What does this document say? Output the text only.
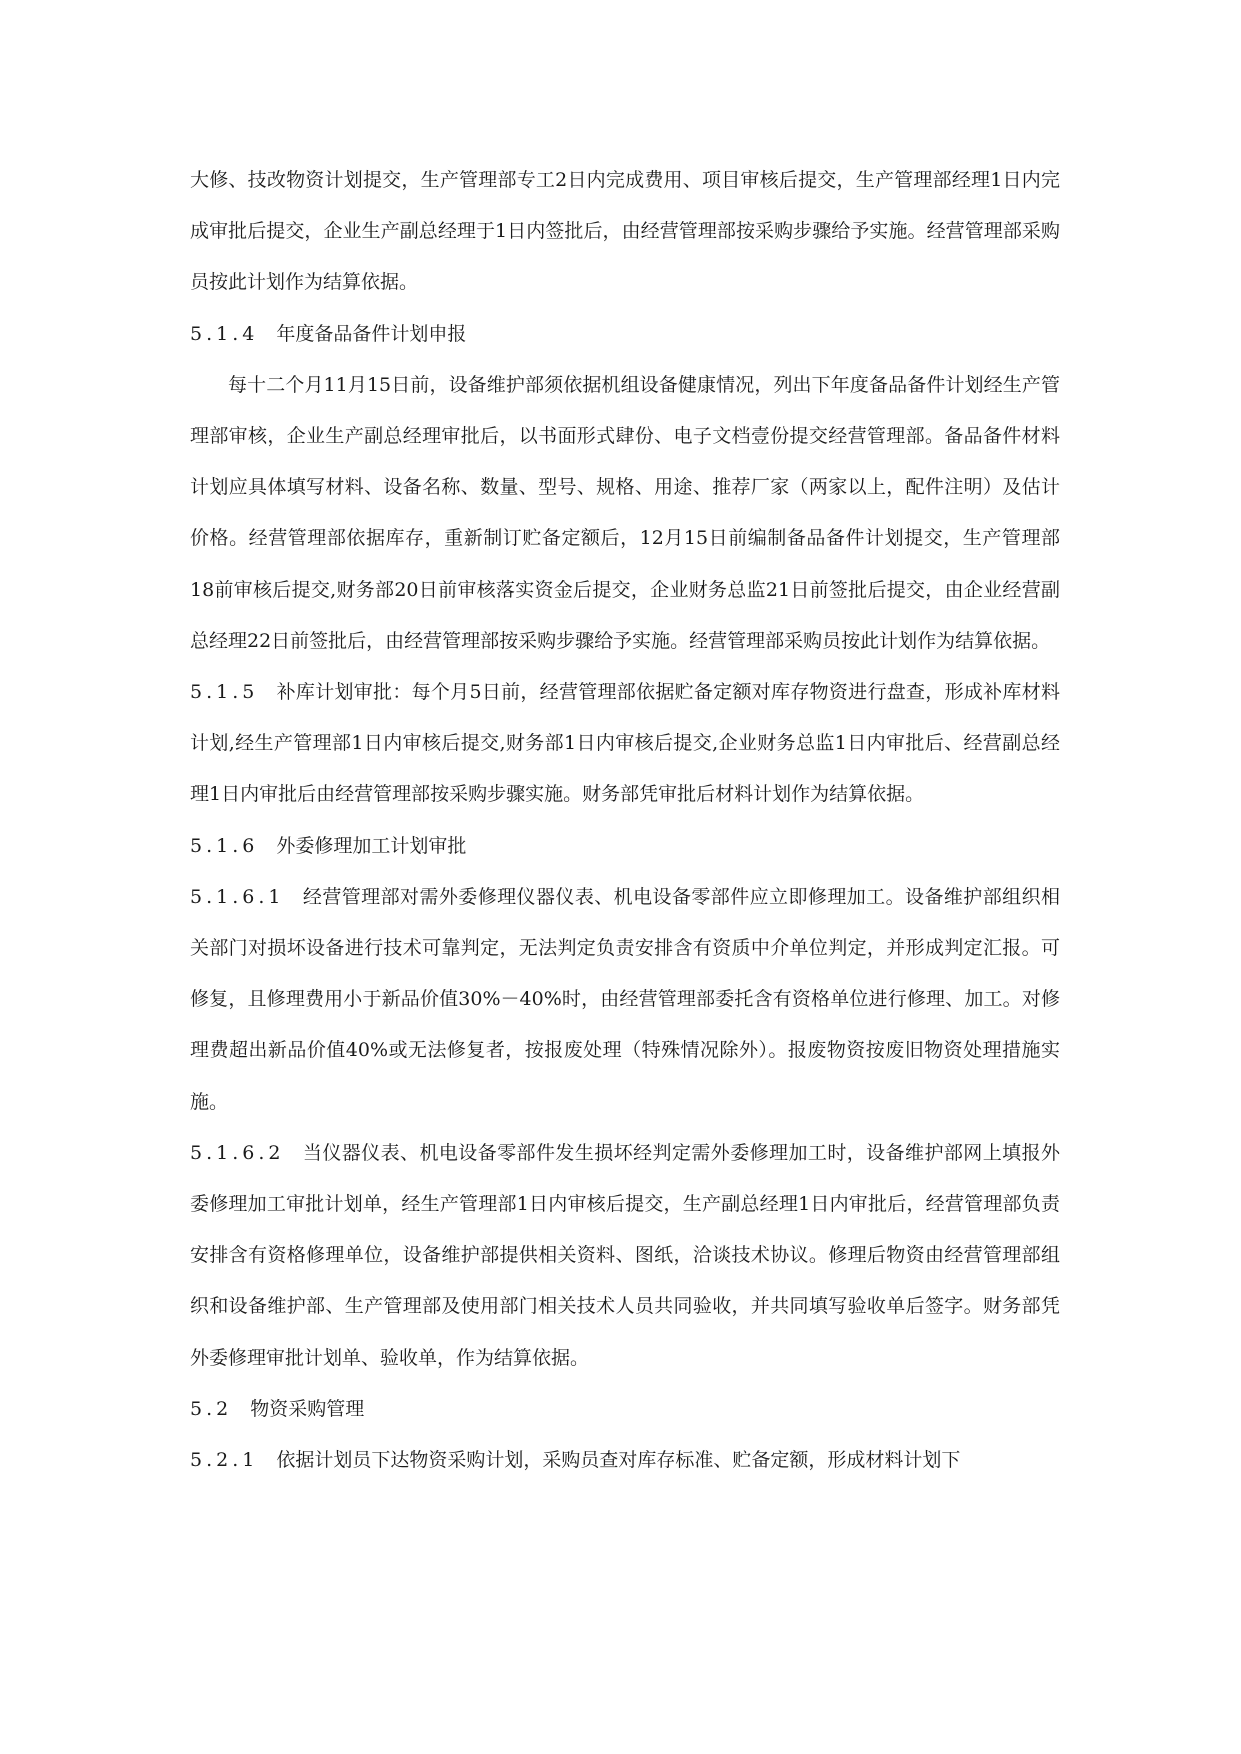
大修、技改物资计划提交，生产管理部专工2日内完成费用、项目审核后提交，生产管理部经理1日内完成审批后提交，企业生产副总经理于1日内签批后，由经营管理部按采购步骤给予实施。经营管理部采购员按此计划作为结算依据。

5.1.4 年度备品备件计划申报

每十二个月11月15日前，设备维护部须依据机组设备健康情况，列出下年度备品备件计划经生产管理部审核，企业生产副总经理审批后，以书面形式肆份、电子文档壹份提交经营管理部。备品备件材料计划应具体填写材料、设备名称、数量、型号、规格、用途、推荐厂家（两家以上，配件注明）及估计价格。经营管理部依据库存，重新制订贮备定额后，12月15日前编制备品备件计划提交，生产管理部18前审核后提交,财务部20日前审核落实资金后提交，企业财务总监21日前签批后提交，由企业经营副总经理22日前签批后，由经营管理部按采购步骤给予实施。经营管理部采购员按此计划作为结算依据。

5.1.5 补库计划审批：每个月5日前，经营管理部依据贮备定额对库存物资进行盘查，形成补库材料计划,经生产管理部1日内审核后提交,财务部1日内审核后提交,企业财务总监1日内审批后、经营副总经理1日内审批后由经营管理部按采购步骤实施。财务部凭审批后材料计划作为结算依据。

5.1.6 外委修理加工计划审批

5.1.6.1 经营管理部对需外委修理仪器仪表、机电设备零部件应立即修理加工。设备维护部组织相关部门对损坏设备进行技术可靠判定，无法判定负责安排含有资质中介单位判定，并形成判定汇报。可修复，且修理费用小于新品价值30%－40%时，由经营管理部委托含有资格单位进行修理、加工。对修理费超出新品价值40%或无法修复者，按报废处理（特殊情况除外）。报废物资按废旧物资处理措施实施。

5.1.6.2 当仪器仪表、机电设备零部件发生损坏经判定需外委修理加工时，设备维护部网上填报外委修理加工审批计划单，经生产管理部1日内审核后提交，生产副总经理1日内审批后，经营管理部负责安排含有资格修理单位，设备维护部提供相关资料、图纸，洽谈技术协议。修理后物资由经营管理部组织和设备维护部、生产管理部及使用部门相关技术人员共同验收，并共同填写验收单后签字。财务部凭外委修理审批计划单、验收单，作为结算依据。

5.2 物资采购管理

5.2.1 依据计划员下达物资采购计划，采购员查对库存标准、贮备定额，形成材料计划下
